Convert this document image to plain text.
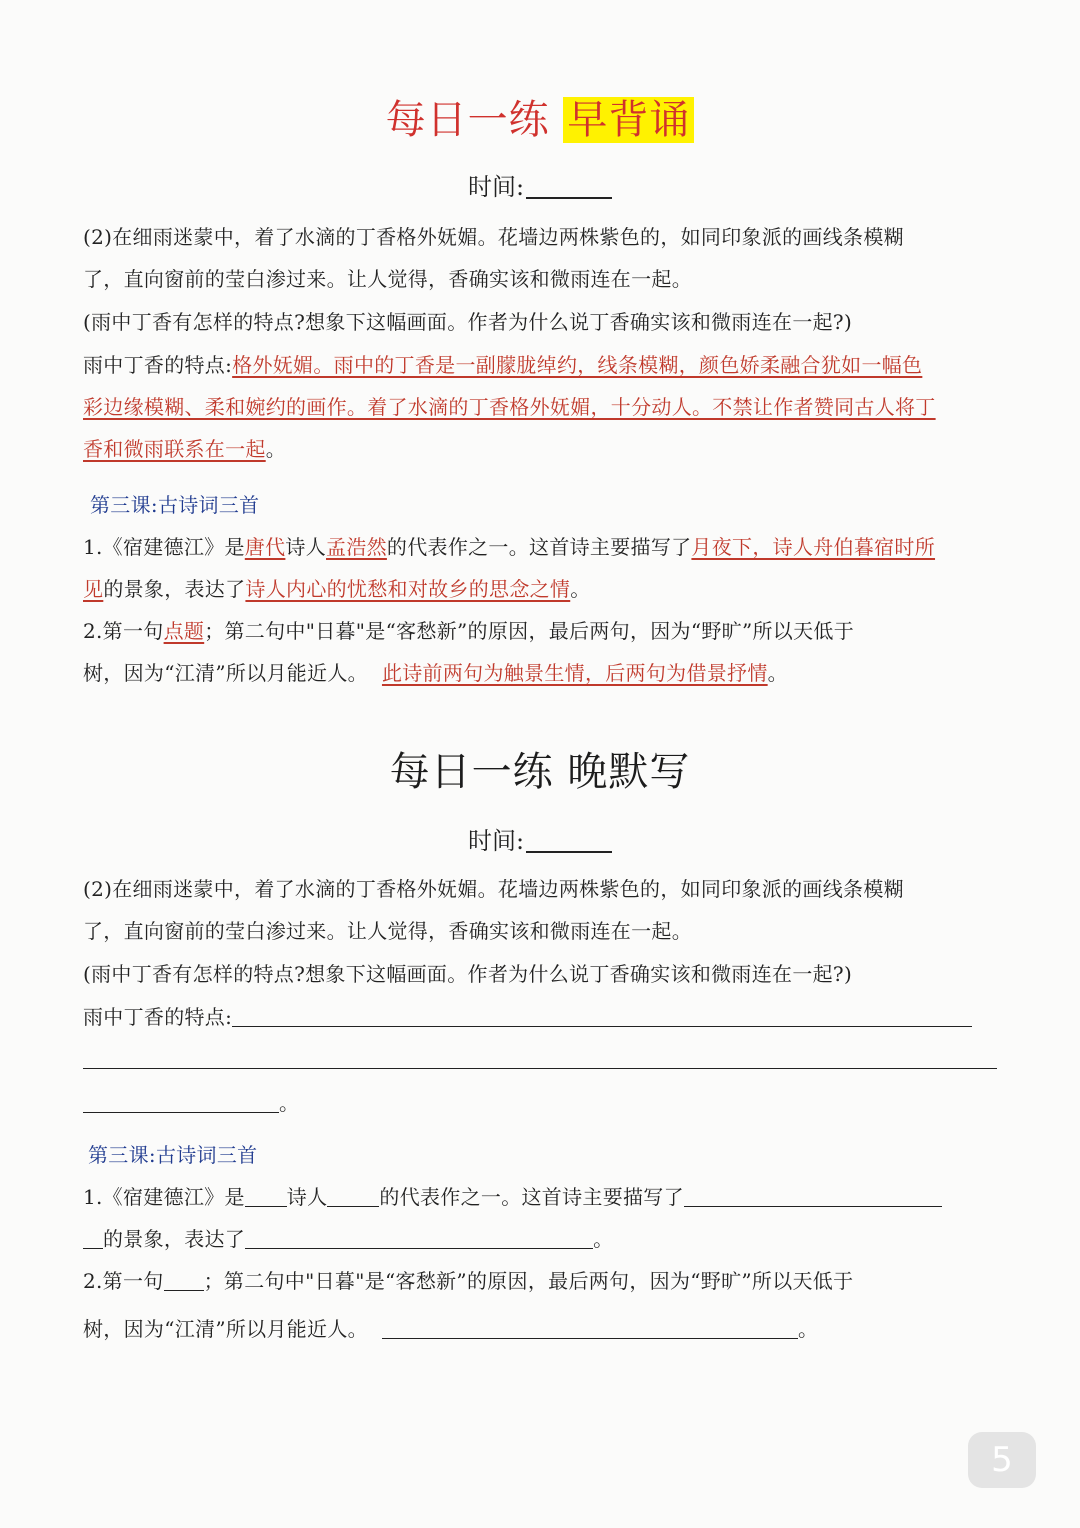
每日一练 早背诵
时间:
(2)在细雨迷蒙中，着了水滴的丁香格外妩媚。花墙边两株紫色的，如同印象派的画线条模糊
了，直向窗前的莹白渗过来。让人觉得，香确实该和微雨连在一起。
(雨中丁香有怎样的特点?想象下这幅画面。作者为什么说丁香确实该和微雨连在一起?)
雨中丁香的特点:格外妩媚。雨中的丁香是一副朦胧绰约，线条模糊，颜色娇柔融合犹如一幅色
彩边缘模糊、柔和婉约的画作。着了水滴的丁香格外妩媚，十分动人。不禁让作者赞同古人将丁
香和微雨联系在一起。
第三课:古诗词三首
1.《宿建德江》是唐代诗人孟浩然的代表作之一。这首诗主要描写了月夜下，诗人舟伯暮宿时所
见的景象，表达了诗人内心的忧愁和对故乡的思念之情。
2.第一句点题；第二句中"日暮"是“客愁新”的原因，最后两句，因为“野旷”所以天低于
树，因为“江清”所以月能近人。 此诗前两句为触景生情，后两句为借景抒情。
每日一练 晚默写
时间:
(2)在细雨迷蒙中，着了水滴的丁香格外妩媚。花墙边两株紫色的，如同印象派的画线条模糊
了，直向窗前的莹白渗过来。让人觉得，香确实该和微雨连在一起。
(雨中丁香有怎样的特点?想象下这幅画面。作者为什么说丁香确实该和微雨连在一起?)
雨中丁香的特点:
。
第三课:古诗词三首
1.《宿建德江》是 诗人	的代表作之一。这首诗主要描写了
的景象，表达了	。
2.第一句 ；第二句中"日暮"是“客愁新”的原因，最后两句，因为“野旷”所以天低于
树，因为“江清”所以月能近人。	。
5
